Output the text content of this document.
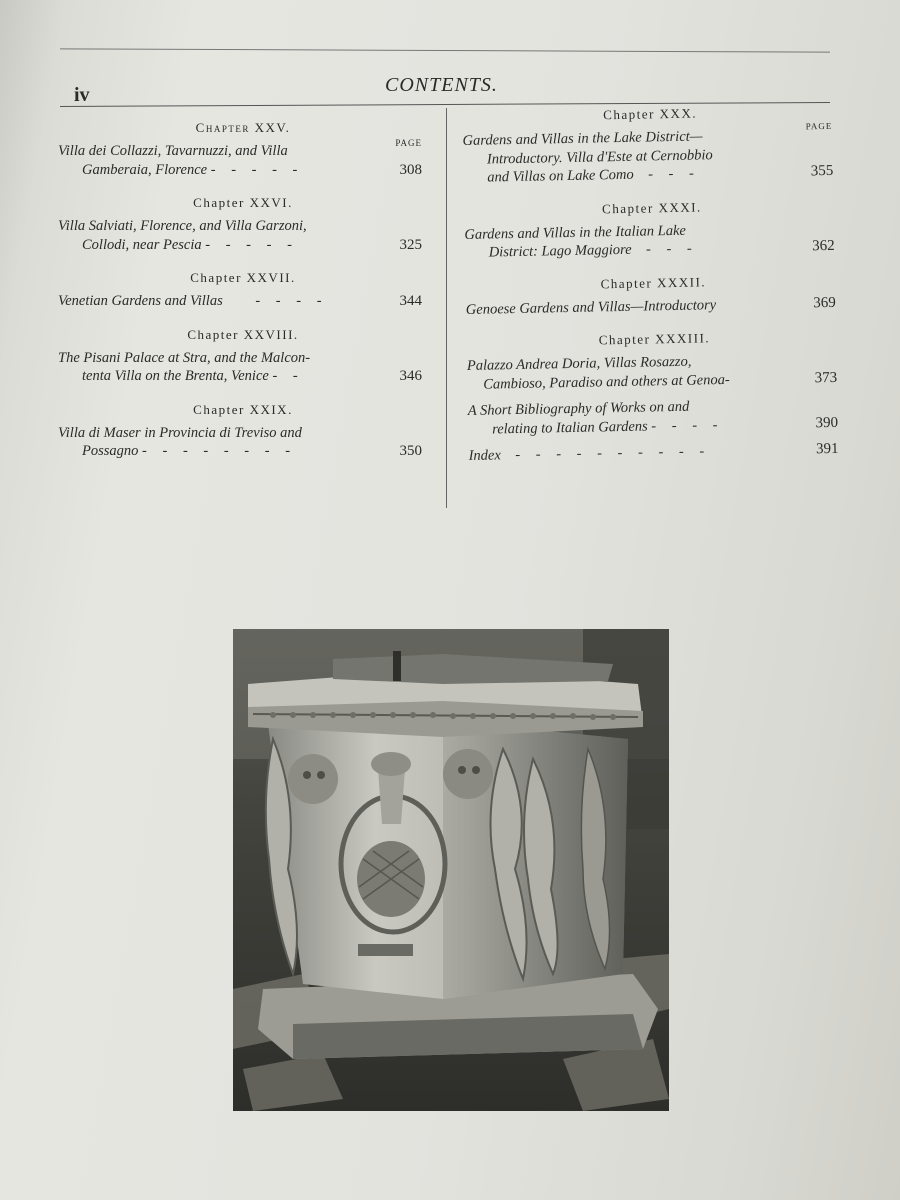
iv	CONTENTS.
Chapter XXV.
PAGE
Villa dei Collazzi, Tavarnuzzi, and Villa
Gamberaia, Florence - - - - -	308
Chapter XXVI.
Villa Salviati, Florence, and Villa Garzoni,
Collodi, near Pescia - - - - -	325
Chapter XXVII.
Venetian Gardens and Villas - - - -	344
Chapter XXVIII.
The Pisani Palace at Stra, and the Malcon-
tenta Villa on the Brenta, Venice - -	346
Chapter XXIX.
Villa di Maser in Provincia di Treviso and
Possagno - - - - - - - -	350
Chapter XXX.
PAGE
Gardens and Villas in the Lake District—
Introductory. Villa d'Este at Cernobbio
and Villas on Lake Como - - -	355
Chapter XXXI.
Gardens and Villas in the Italian Lake
District: Lago Maggiore - - -	362
Chapter XXXII.
Genoese Gardens and Villas—Introductory	369
Chapter XXXIII.
Palazzo Andrea Doria, Villas Rosazzo,
Cambioso, Paradiso and others at Genoa-	373
A Short Bibliography of Works on and
relating to Italian Gardens - - - -	390
Index - - - - - - - - - -	391
